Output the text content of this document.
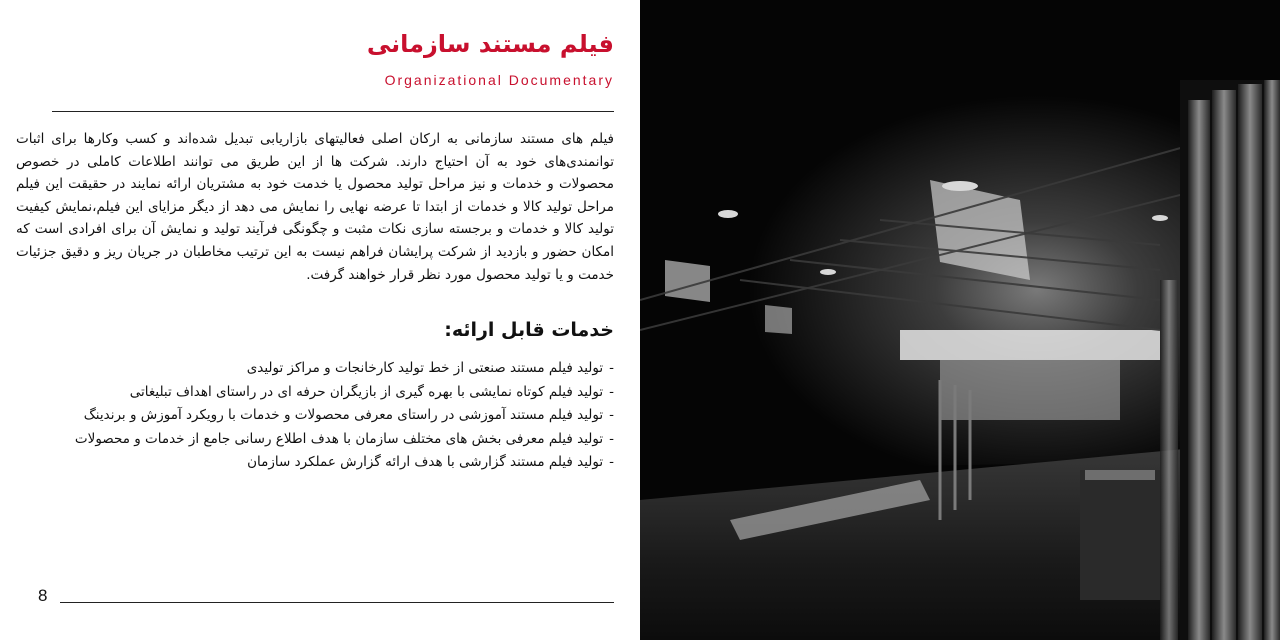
فیلم مستند سازمانی
Organizational Documentary

فیلم های مستند سازمانی به ارکان اصلی فعالیتهای بازاریابی تبدیل شده‌اند و کسب وکارها برای اثبات توانمندی‌های خود به آن احتیاج دارند. شرکت ها از این طریق می توانند اطلاعات کاملی در خصوص محصولات و خدمات و نیز مراحل تولید محصول یا خدمت خود به مشتریان ارائه نمایند در حقیقت این فیلم مراحل تولید کالا و خدمات از ابتدا تا عرضه نهایی را نمایش می دهد از دیگر مزایای این فیلم،نمایش کیفیت تولید کالا و خدمات و برجسته سازی نکات مثبت و چگونگی فرآیند تولید و نمایش آن برای افرادی است که امکان حضور و بازدید از شرکت پرایشان فراهم نیست به این ترتیب مخاطبان در جریان ریز و دقیق جزئیات خدمت و یا تولید محصول مورد نظر قرار خواهند گرفت.

خدمات قابل ارائه:
-تولید فیلم مستند صنعتی از خط تولید کارخانجات و مراکز تولیدی
-تولید فیلم کوتاه نمایشی با بهره گیری از بازیگران حرفه ای در راستای اهداف تبلیغاتی
-تولید فیلم مستند آموزشی در راستای معرفی محصولات و خدمات با رویکرد آموزش و برندینگ
-تولید فیلم معرفی بخش های مختلف سازمان با هدف اطلاع رسانی جامع از خدمات و محصولات
-تولید فیلم مستند گزارشی با هدف ارائه گزارش عملکرد سازمان
8
